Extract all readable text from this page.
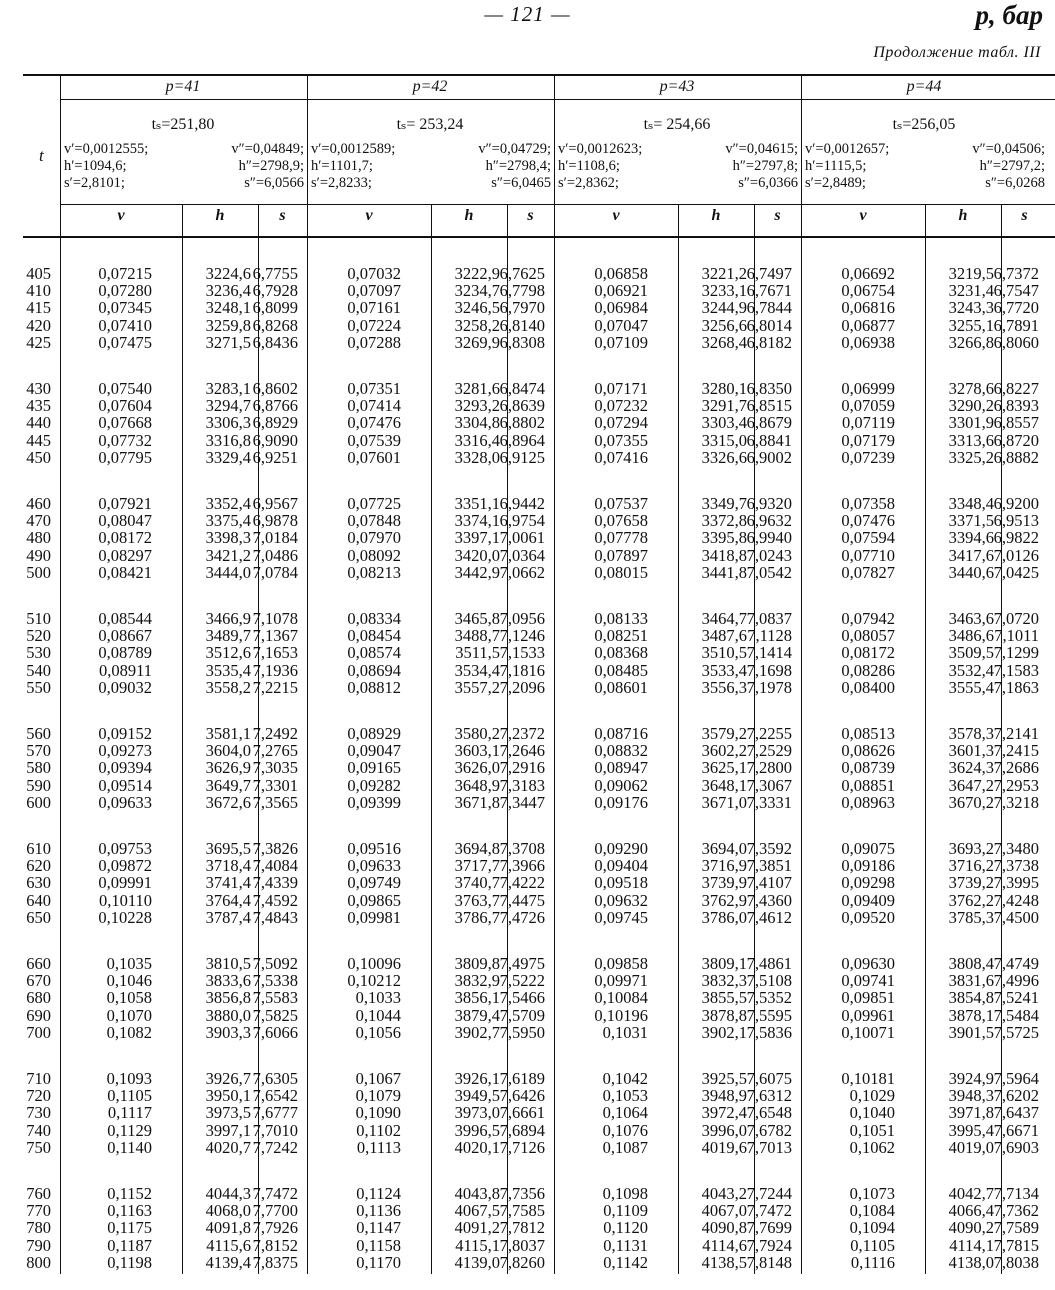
— 121 —	p, бар
Продолжение табл. III
t
p=41
tₛ=251,80
v′=0,0012555;	v″=0,04849;
h′=1094,6;	h″=2798,9;
s′=2,8101;	s″=6,0566
v	h	s
p=42
tₛ= 253,24
v′=0,0012589;	v″=0,04729;
h′=1101,7;	h″=2798,4;
s′=2,8233;	s″=6,0465
v	h	s
p=43
tₛ= 254,66
v′=0,0012623;	v″=0,04615;
h′=1108,6;	h″=2797,8;
s′=2,8362;	s″=6,0366
v	h	s
p=44
tₛ=256,05
v′=0,0012657;	v″=0,04506;
h′=1115,5;	h″=2797,2;
s′=2,8489;	s″=6,0268
v	h	s
405	0,07215	3224,6 6,7755	0,07032	3222,9 6,7625	0,06858	3221,2 6,7497	0,06692	3219,5 6,7372
410	0,07280	3236,4 6,7928	0,07097	3234,7 6,7798	0,06921	3233,1 6,7671	0,06754	3231,4 6,7547
415	0,07345	3248,1 6,8099	0,07161	3246,5 6,7970	0,06984	3244,9 6,7844	0,06816	3243,3 6,7720
420	0,07410	3259,8 6,8268	0,07224	3258,2 6,8140	0,07047	3256,6 6,8014	0,06877	3255,1 6,7891
425	0,07475	3271,5 6,8436	0,07288	3269,9 6,8308	0,07109	3268,4 6,8182	0,06938	3266,8 6,8060
430	0,07540	3283,1 6,8602	0,07351	3281,6 6,8474	0,07171	3280,1 6,8350	0,06999	3278,6 6,8227
435	0,07604	3294,7 6,8766	0,07414	3293,2 6,8639	0,07232	3291,7 6,8515	0,07059	3290,2 6,8393
440	0,07668	3306,3 6,8929	0,07476	3304,8 6,8802	0,07294	3303,4 6,8679	0,07119	3301,9 6,8557
445	0,07732	3316,8 6,9090	0,07539	3316,4 6,8964	0,07355	3315,0 6,8841	0,07179	3313,6 6,8720
450	0,07795	3329,4 6,9251	0,07601	3328,0 6,9125	0,07416	3326,6 6,9002	0,07239	3325,2 6,8882
460	0,07921	3352,4 6,9567	0,07725	3351,1 6,9442	0,07537	3349,7 6,9320	0,07358	3348,4 6,9200
470	0,08047	3375,4 6,9878	0,07848	3374,1 6,9754	0,07658	3372,8 6,9632	0,07476	3371,5 6,9513
480	0,08172	3398,3 7,0184	0,07970	3397,1 7,0061	0,07778	3395,8 6,9940	0,07594	3394,6 6,9822
490	0,08297	3421,2 7,0486	0,08092	3420,0 7,0364	0,07897	3418,8 7,0243	0,07710	3417,6 7,0126
500	0,08421	3444,0 7,0784	0,08213	3442,9 7,0662	0,08015	3441,8 7,0542	0,07827	3440,6 7,0425
510	0,08544	3466,9 7,1078	0,08334	3465,8 7,0956	0,08133	3464,7 7,0837	0,07942	3463,6 7,0720
520	0,08667	3489,7 7,1367	0,08454	3488,7 7,1246	0,08251	3487,6 7,1128	0,08057	3486,6 7,1011
530	0,08789	3512,6 7,1653	0,08574	3511,5 7,1533	0,08368	3510,5 7,1414	0,08172	3509,5 7,1299
540	0,08911	3535,4 7,1936	0,08694	3534,4 7,1816	0,08485	3533,4 7,1698	0,08286	3532,4 7,1583
550	0,09032	3558,2 7,2215	0,08812	3557,2 7,2096	0,08601	3556,3 7,1978	0,08400	3555,4 7,1863
560	0,09152	3581,1 7,2492	0,08929	3580,2 7,2372	0,08716	3579,2 7,2255	0,08513	3578,3 7,2141
570	0,09273	3604,0 7,2765	0,09047	3603,1 7,2646	0,08832	3602,2 7,2529	0,08626	3601,3 7,2415
580	0,09394	3626,9 7,3035	0,09165	3626,0 7,2916	0,08947	3625,1 7,2800	0,08739	3624,3 7,2686
590	0,09514	3649,7 7,3301	0,09282	3648,9 7,3183	0,09062	3648,1 7,3067	0,08851	3647,2 7,2953
600	0,09633	3672,6 7,3565	0,09399	3671,8 7,3447	0,09176	3671,0 7,3331	0,08963	3670,2 7,3218
610	0,09753	3695,5 7,3826	0,09516	3694,8 7,3708	0,09290	3694,0 7,3592	0,09075	3693,2 7,3480
620	0,09872	3718,4 7,4084	0,09633	3717,7 7,3966	0,09404	3716,9 7,3851	0,09186	3716,2 7,3738
630	0,09991	3741,4 7,4339	0,09749	3740,7 7,4222	0,09518	3739,9 7,4107	0,09298	3739,2 7,3995
640	0,10110	3764,4 7,4592	0,09865	3763,7 7,4475	0,09632	3762,9 7,4360	0,09409	3762,2 7,4248
650	0,10228	3787,4 7,4843	0,09981	3786,7 7,4726	0,09745	3786,0 7,4612	0,09520	3785,3 7,4500
660	0,1035	3810,5 7,5092	0,10096	3809,8 7,4975	0,09858	3809,1 7,4861	0,09630	3808,4 7,4749
670	0,1046	3833,6 7,5338	0,10212	3832,9 7,5222	0,09971	3832,3 7,5108	0,09741	3831,6 7,4996
680	0,1058	3856,8 7,5583	0,1033	3856,1 7,5466	0,10084	3855,5 7,5352	0,09851	3854,8 7,5241
690	0,1070	3880,0 7,5825	0,1044	3879,4 7,5709	0,10196	3878,8 7,5595	0,09961	3878,1 7,5484
700	0,1082	3903,3 7,6066	0,1056	3902,7 7,5950	0,1031	3902,1 7,5836	0,10071	3901,5 7,5725
710	0,1093	3926,7 7,6305	0,1067	3926,1 7,6189	0,1042	3925,5 7,6075	0,10181	3924,9 7,5964
720	0,1105	3950,1 7,6542	0,1079	3949,5 7,6426	0,1053	3948,9 7,6312	0,1029	3948,3 7,6202
730	0,1117	3973,5 7,6777	0,1090	3973,0 7,6661	0,1064	3972,4 7,6548	0,1040	3971,8 7,6437
740	0,1129	3997,1 7,7010	0,1102	3996,5 7,6894	0,1076	3996,0 7,6782	0,1051	3995,4 7,6671
750	0,1140	4020,7 7,7242	0,1113	4020,1 7,7126	0,1087	4019,6 7,7013	0,1062	4019,0 7,6903
760	0,1152	4044,3 7,7472	0,1124	4043,8 7,7356	0,1098	4043,2 7,7244	0,1073	4042,7 7,7134
770	0,1163	4068,0 7,7700	0,1136	4067,5 7,7585	0,1109	4067,0 7,7472	0,1084	4066,4 7,7362
780	0,1175	4091,8 7,7926	0,1147	4091,2 7,7812	0,1120	4090,8 7,7699	0,1094	4090,2 7,7589
790	0,1187	4115,6 7,8152	0,1158	4115,1 7,8037	0,1131	4114,6 7,7924	0,1105	4114,1 7,7815
800	0,1198	4139,4 7,8375	0,1170	4139,0 7,8260	0,1142	4138,5 7,8148	0,1116	4138,0 7,8038
